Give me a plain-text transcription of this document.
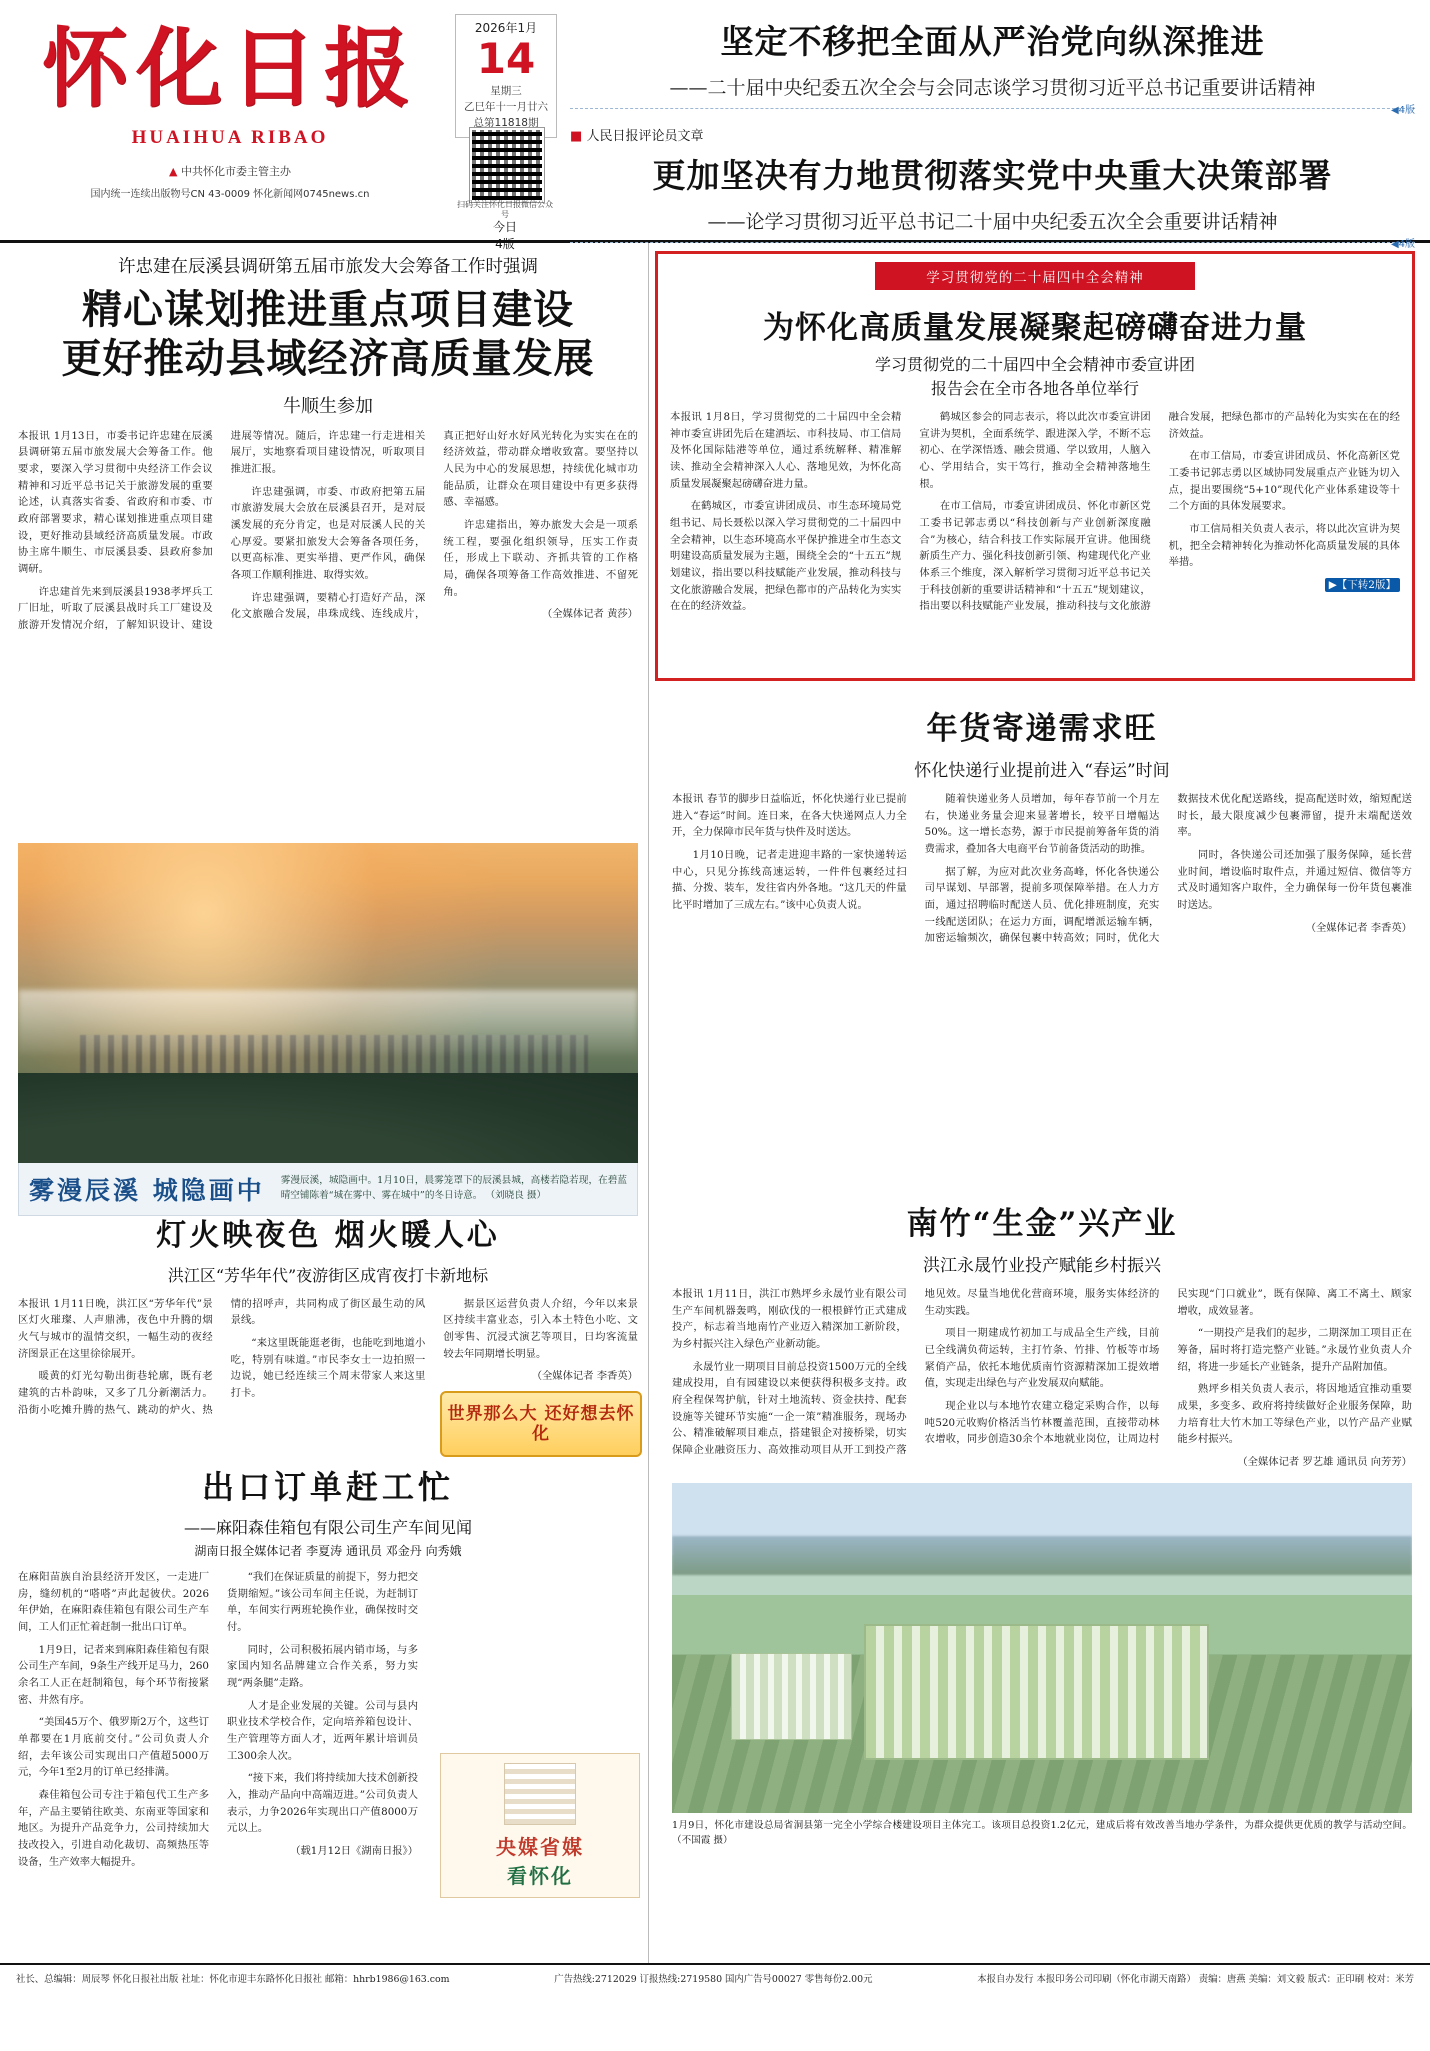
怀化日报
HUAIHUA RIBAO
▲ 中共怀化市委主管主办
国内统一连续出版物号CN 43-0009 怀化新闻网0745news.cn
2026年1月
14
星期三
乙巳年十一月廿六
总第11818期
扫码关注怀化日报微信公众号
今日
4版
坚定不移把全面从严治党向纵深推进
——二十届中央纪委五次全会与会同志谈学习贯彻习近平总书记重要讲话精神
◀4版
■ 人民日报评论员文章
更加坚决有力地贯彻落实党中央重大决策部署
——论学习贯彻习近平总书记二十届中央纪委五次全会重要讲话精神
◀4版
许忠建在辰溪县调研第五届市旅发大会筹备工作时强调
精心谋划推进重点项目建设
更好推动县域经济高质量发展
牛顺生参加

本报讯 1月13日，市委书记许忠建在辰溪县调研第五届市旅发展大会筹备工作。他要求，要深入学习贯彻中央经济工作会议精神和习近平总书记关于旅游发展的重要论述，认真落实省委、省政府和市委、市政府部署要求，精心谋划推进重点项目建设，更好推动县域经济高质量发展。市政协主席牛顺生、市辰溪县委、县政府参加调研。

许忠建首先来到辰溪县1938孝坪兵工厂旧址，听取了辰溪县战时兵工厂建设及旅游开发情况介绍，了解知识设计、建设进展等情况。随后，许忠建一行走进相关展厅，实地察看项目建设情况，听取项目推进汇报。

许忠建强调，市委、市政府把第五届市旅游发展大会放在辰溪县召开，是对辰溪发展的充分肯定，也是对辰溪人民的关心厚爱。要紧扣旅发大会筹备各项任务，以更高标准、更实举措、更严作风，确保各项工作顺利推进、取得实效。

许忠建强调，要精心打造好产品，深化文旅融合发展，串珠成线、连线成片，真正把好山好水好风光转化为实实在在的经济效益，带动群众增收致富。要坚持以人民为中心的发展思想，持续优化城市功能品质，让群众在项目建设中有更多获得感、幸福感。

许忠建指出，筹办旅发大会是一项系统工程，要强化组织领导，压实工作责任，形成上下联动、齐抓共管的工作格局，确保各项筹备工作高效推进、不留死角。

（全媒体记者 黄莎）
雾漫辰溪 城隐画中 雾漫辰溪，城隐画中。1月10日，晨雾笼罩下的辰溪县城，高楼若隐若现，在碧蓝晴空铺陈着“城在雾中、雾在城中”的冬日诗意。 （刘晓良 摄）
灯火映夜色 烟火暖人心
洪江区“芳华年代”夜游街区成宵夜打卡新地标

本报讯 1月11日晚，洪江区“芳华年代”景区灯火璀璨、人声鼎沸，夜色中升腾的烟火气与城市的温情交织，一幅生动的夜经济图景正在这里徐徐展开。

暖黄的灯光勾勒出街巷轮廓，既有老建筑的古朴韵味，又多了几分新潮活力。沿街小吃摊升腾的热气、跳动的炉火、热情的招呼声，共同构成了街区最生动的风景线。

“来这里既能逛老街，也能吃到地道小吃，特别有味道。”市民李女士一边拍照一边说，她已经连续三个周末带家人来这里打卡。

据景区运营负责人介绍，今年以来景区持续丰富业态，引入本土特色小吃、文创零售、沉浸式演艺等项目，日均客流量较去年同期增长明显。

（全媒体记者 李香英）
出口订单赶工忙
——麻阳森佳箱包有限公司生产车间见闻
湖南日报全媒体记者 李夏涛 通讯员 邓金丹 向秀娥

在麻阳苗族自治县经济开发区，一走进厂房，缝纫机的“嗒嗒”声此起彼伏。2026年伊始，在麻阳森佳箱包有限公司生产车间，工人们正忙着赶制一批出口订单。

1月9日，记者来到麻阳森佳箱包有限公司生产车间，9条生产线开足马力，260余名工人正在赶制箱包，每个环节衔接紧密、井然有序。

“美国45万个、俄罗斯2万个，这些订单都要在1月底前交付。”公司负责人介绍，去年该公司实现出口产值超5000万元，今年1至2月的订单已经排满。

森佳箱包公司专注于箱包代工生产多年，产品主要销往欧美、东南亚等国家和地区。为提升产品竞争力，公司持续加大技改投入，引进自动化裁切、高频热压等设备，生产效率大幅提升。

“我们在保证质量的前提下，努力把交货期缩短。”该公司车间主任说，为赶制订单，车间实行两班轮换作业，确保按时交付。

同时，公司积极拓展内销市场，与多家国内知名品牌建立合作关系，努力实现“两条腿”走路。

人才是企业发展的关键。公司与县内职业技术学校合作，定向培养箱包设计、生产管理等方面人才，近两年累计培训员工300余人次。

“接下来，我们将持续加大技术创新投入，推动产品向中高端迈进。”公司负责人表示，力争2026年实现出口产值8000万元以上。

（载1月12日《湖南日报》）
世界那么大 还好想去怀化
央媒省媒
看怀化
学习贯彻党的二十届四中全会精神
为怀化高质量发展凝聚起磅礴奋进力量
学习贯彻党的二十届四中全会精神市委宣讲团
报告会在全市各地各单位举行

本报讯 1月8日，学习贯彻党的二十届四中全会精神市委宣讲团先后在建酒坛、市科技局、市工信局及怀化国际陆港等单位，通过系统解释、精准解读、推动全会精神深入人心、落地见效，为怀化高质量发展凝聚起磅礴奋进力量。

在鹤城区，市委宣讲团成员、市生态环境局党组书记、局长聂松以深入学习贯彻党的二十届四中全会精神，以生态环境高水平保护推进全市生态文明建设高质量发展为主题，围绕全会的“十五五”规划建议，指出要以科技赋能产业发展，推动科技与文化旅游融合发展，把绿色都市的产品转化为实实在在的经济效益。

鹤城区参会的同志表示，将以此次市委宣讲团宣讲为契机，全面系统学、跟进深入学，不断不忘初心、在学深悟透、融会贯通、学以致用，人脑入心、学用结合，实干笃行，推动全会精神落地生根。

在市工信局，市委宣讲团成员、怀化市新区党工委书记郭志勇以“科技创新与产业创新深度融合”为核心，结合科技工作实际展开宣讲。他围绕新质生产力、强化科技创新引领、构建现代化产业体系三个维度，深入解析学习贯彻习近平总书记关于科技创新的重要讲话精神和“十五五”规划建议，指出要以科技赋能产业发展，推动科技与文化旅游融合发展，把绿色都市的产品转化为实实在在的经济效益。

在市工信局，市委宣讲团成员、怀化高新区党工委书记郭志勇以区域协同发展重点产业链为切入点，提出要围绕“5+10”现代化产业体系建设等十二个方面的具体发展要求。

市工信局相关负责人表示，将以此次宣讲为契机，把全会精神转化为推动怀化高质量发展的具体举措。

▶【下转2版】
年货寄递需求旺
怀化快递行业提前进入“春运”时间

本报讯 春节的脚步日益临近，怀化快递行业已提前进入“春运”时间。连日来，在各大快递网点人力全开，全力保障市民年货与快件及时送达。

1月10日晚，记者走进迎丰路的一家快递转运中心，只见分拣线高速运转，一件件包裹经过扫描、分拨、装车，发往省内外各地。“这几天的件量比平时增加了三成左右。”该中心负责人说。

随着快递业务人员增加，每年春节前一个月左右，快递业务量会迎来显著增长，较平日增幅达50%。这一增长态势，源于市民提前筹备年货的消费需求，叠加各大电商平台节前备货活动的助推。

据了解，为应对此次业务高峰，怀化各快递公司早谋划、早部署，提前多项保障举措。在人力方面，通过招聘临时配送人员、优化排班制度，充实一线配送团队；在运力方面，调配增派运输车辆，加密运输频次，确保包裹中转高效；同时，优化大数据技术优化配送路线，提高配送时效，缩短配送时长，最大限度减少包裹滞留，提升末端配送效率。

同时，各快递公司还加强了服务保障，延长营业时间，增设临时取件点，并通过短信、微信等方式及时通知客户取件，全力确保每一份年货包裹准时送达。

（全媒体记者 李香英）
南竹“生金”兴产业
洪江永晟竹业投产赋能乡村振兴

本报讯 1月11日，洪江市熟坪乡永晟竹业有限公司生产车间机器轰鸣，刚砍伐的一根根鲜竹正式建成投产，标志着当地南竹产业迈入精深加工新阶段，为乡村振兴注入绿色产业新动能。

永晟竹业一期项目目前总投资1500万元的全线建成投用，自有园建设以来便获得积极多支持。政府全程保驾护航，针对土地流转、资金扶持、配套设施等关键环节实施“一企一策”精准服务，现场办公、精准破解项目难点，搭建银企对接桥梁，切实保障企业融资压力、高效推动项目从开工到投产落地见效。尽量当地优化营商环境，服务实体经济的生动实践。

项目一期建成竹初加工与成品全生产线，目前已全线满负荷运转，主打竹条、竹排、竹板等市场紧俏产品，依托本地优质南竹资源精深加工提效增值，实现走出绿色与产业发展双向赋能。

现企业以与本地竹农建立稳定采购合作，以每吨520元收购价格活当竹林覆盖范围，直接带动林农增收，同步创造30余个本地就业岗位，让周边村民实现“门口就业”，既有保障、离工不离土、顾家增收，成效显著。

“一期投产是我们的起步，二期深加工项目正在筹备，届时将打造完整产业链。”永晟竹业负责人介绍，将进一步延长产业链条，提升产品附加值。

熟坪乡相关负责人表示，将因地适宜推动重要成果，多变多、政府将持续做好企业服务保障，助力培育壮大竹木加工等绿色产业，以竹产品产业赋能乡村振兴。

（全媒体记者 罗艺雄 通讯员 向芳芳）
1月9日，怀化市建设总局省洞县第一完全小学综合楼建设项目主体完工。该项目总投资1.2亿元，建成后将有效改善当地办学条件，为群众提供更优质的教学与活动空间。 （不国霞 摄）
社长、总编辑：周辰琴 怀化日报社出版 社址：怀化市迎丰东路怀化日报社 邮箱：hhrb1986@163.com	广告热线:2712029 订报热线:2719580 国内广告号00027 零售每份2.00元	本报自办发行 本报印务公司印刷（怀化市湖天南路） 责编：唐燕 美编：刘文毅 版式：正印刷 校对：米芳
